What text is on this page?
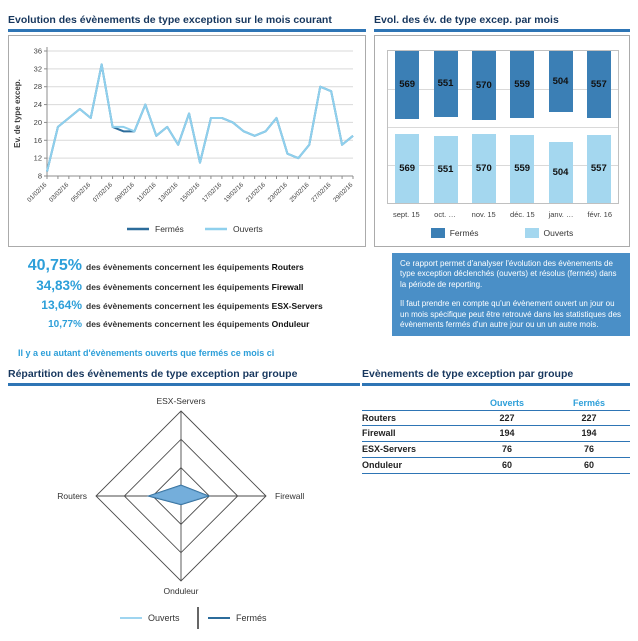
Evolution des évènements de type exception sur le mois courant
8
12
16
20
24
28
32
36
01/02/16 03/02/16 05/02/16 07/02/16 09/02/16 11/02/16 13/02/16 15/02/16 17/02/16 19/02/16 21/02/16 23/02/16 25/02/16 27/02/16 29/02/16
Ev. de type excep.
Fermés	Ouverts
Evol. des év. de type excep. par mois
569
569
551
551
570
570
559
559
504
504
557
557
sept. 15	oct. …	nov. 15	déc. 15	janv. …	févr. 16
Fermés	Ouverts
40,75% des évènements concernent les équipements Routers
34,83% des évènements concernent les équipements Firewall
13,64% des évènements concernent les équipements ESX-Servers
10,77% des évènements concernent les équipements Onduleur
Il y a eu autant d'évènements ouverts que fermés ce mois ci

Ce rapport permet d'analyser l'évolution des évènements de type exception déclenchés (ouverts) et résolus (fermés) dans la période de reporting.

Il faut prendre en compte qu'un évènement ouvert un jour ou un mois spécifique peut être retrouvé dans les statistiques des évènements fermés d'un autre jour ou un un autre mois.

Répartition des évènements de type exception par groupe
ESX-Servers
Firewall
Onduleur
Routers
Ouverts	Fermés
Evènements de type exception par groupe
Ouverts	Fermés
Routers	227	227
Firewall	194	194
ESX-Servers	76	76
Onduleur	60	60
